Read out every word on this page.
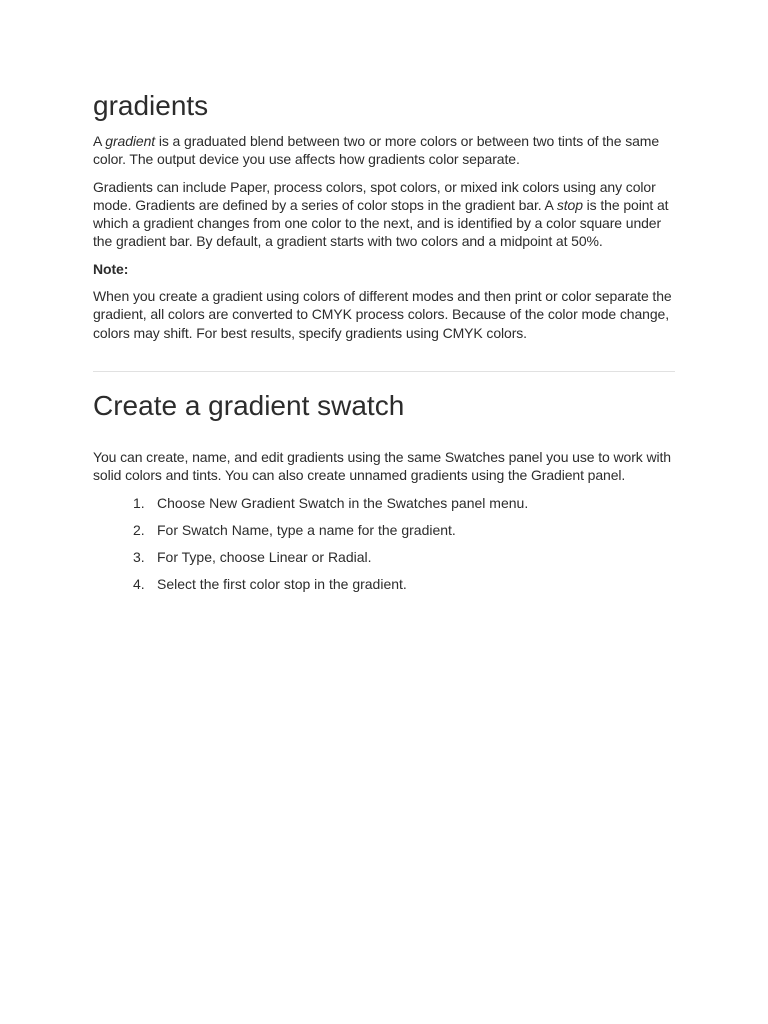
gradients

A gradient is a graduated blend between two or more colors or between two tints of the same color. The output device you use affects how gradients color separate.

Gradients can include Paper, process colors, spot colors, or mixed ink colors using any color mode. Gradients are defined by a series of color stops in the gradient bar. A stop is the point at which a gradient changes from one color to the next, and is identified by a color square under the gradient bar. By default, a gradient starts with two colors and a midpoint at 50%.

Note:

When you create a gradient using colors of different modes and then print or color separate the gradient, all colors are converted to CMYK process colors. Because of the color mode change, colors may shift. For best results, specify gradients using CMYK colors.

Create a gradient swatch

You can create, name, and edit gradients using the same Swatches panel you use to work with solid colors and tints. You can also create unnamed gradients using the Gradient panel.

1. Choose New Gradient Swatch in the Swatches panel menu.
2. For Swatch Name, type a name for the gradient.
3. For Type, choose Linear or Radial.
4. Select the first color stop in the gradient.
